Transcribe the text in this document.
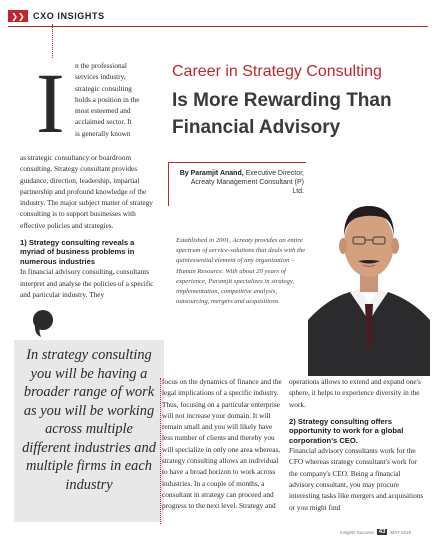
❯❯ CXO INSIGHTS
I n the professional
services industry,
strategic consulting
holds a position in the
most esteemed and
acclaimed sector. It
is generally known

as strategic consultancy or boardroom consulting. Strategy consultant provides guidance, direction, leadership, impartial partnership and profound knowledge of the industry. The major subject matter of strategy consulting is to support businesses with effective policies and strategies.

1) Strategy consulting reveals a myriad of business problems in numerous industries

In financial advisory consulting, consultants interpret and analyse the policies of a specific and particular industry. They

Career in Strategy Consulting
Is More Rewarding Than Financial Advisory
By Paramjit Anand, Executive Director, Acreaty Management Consultant (P) Ltd.
Established in 2001, Acreaty provides an entire spectrum of service-solutions that deals with the quintessential element of any organization – Human Resource. With about 20 years of experience, Paramjit specializes in strategy, implementation, competitive analysis, outsourcing, mergers and acquisitions.
In strategy consulting you will be having a broader range of work as you will be working across multiple different industries and multiple firms in each industry
focus on the dynamics of finance and the legal implications of a specific industry. Thus, focusing on a particular enterprise will not increase your domain. It will remain small and you will likely have less number of clients and thereby you will specialize in only one area whereas, strategy consulting allows an individual to have a broad horizon to work across industries. In a couple of months, a consultant in strategy can proceed and progress to the next level. Strategy and

operations allows to extend and expand one's sphere, it helps to experience diversity in the work.

2) Strategy consulting offers opportunity to work for a global corporation's CEO.

Financial advisory consultants work for the CFO whereas strategy consultant's work for the company's CEO. Being a financial advisory consultant, you may procure interesting tasks like mergers and acquisitions or you might find

Insights Success 43	MAY 2019
